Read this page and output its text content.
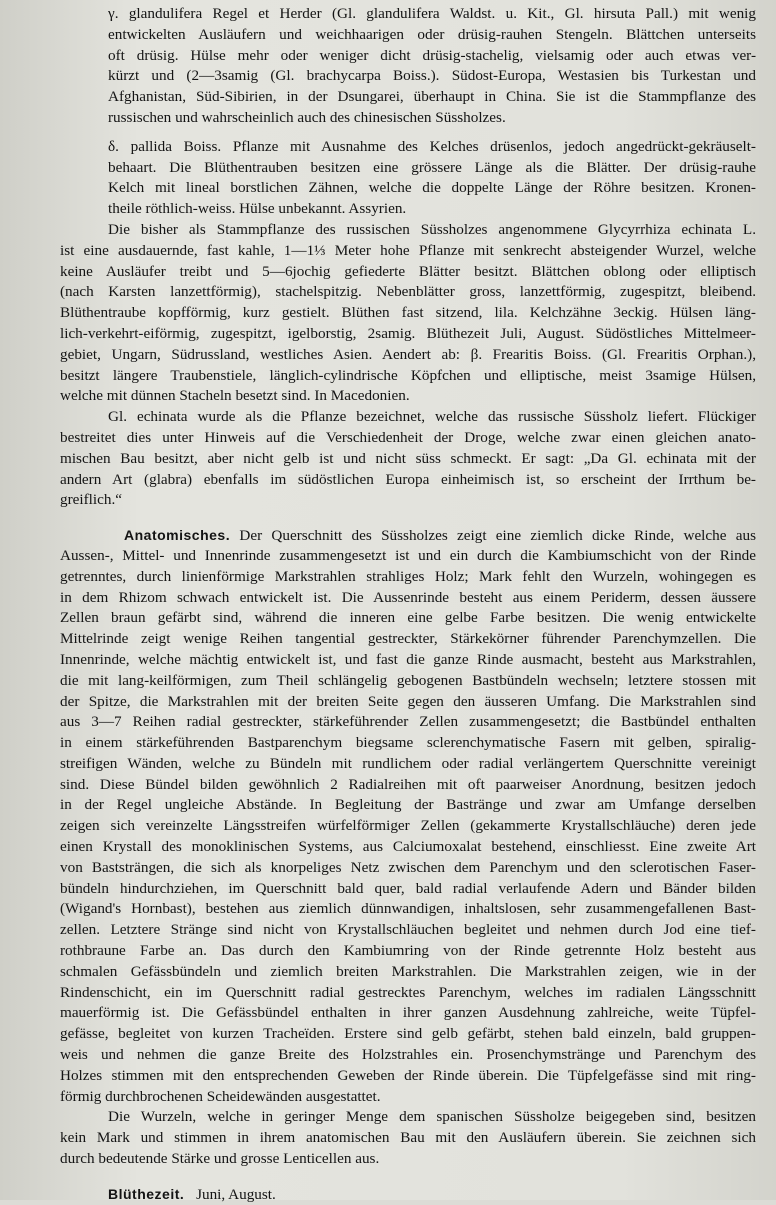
γ. glandulifera Regel et Herder (Gl. glandulifera Waldst. u. Kit., Gl. hirsuta Pall.) mit wenig
entwickelten Ausläufern und weichhaarigen oder drüsig-rauhen Stengeln. Blättchen unterseits
oft drüsig. Hülse mehr oder weniger dicht drüsig-stachelig, vielsamig oder auch etwas ver-
kürzt und (2—3samig (Gl. brachycarpa Boiss.). Südost-Europa, Westasien bis Turkestan und
Afghanistan, Süd-Sibirien, in der Dsungarei, überhaupt in China. Sie ist die Stammpflanze des
russischen und wahrscheinlich auch des chinesischen Süssholzes.
δ. pallida Boiss. Pflanze mit Ausnahme des Kelches drüsenlos, jedoch angedrückt-gekräuselt-
behaart. Die Blüthentrauben besitzen eine grössere Länge als die Blätter. Der drüsig-rauhe
Kelch mit lineal borstlichen Zähnen, welche die doppelte Länge der Röhre besitzen. Kronen-
theile röthlich-weiss. Hülse unbekannt. Assyrien.
Die bisher als Stammpflanze des russischen Süssholzes angenommene Glycyrrhiza echinata L.
ist eine ausdauernde, fast kahle, 1—1⅓ Meter hohe Pflanze mit senkrecht absteigender Wurzel, welche
keine Ausläufer treibt und 5—6jochig gefiederte Blätter besitzt. Blättchen oblong oder elliptisch
(nach Karsten lanzettförmig), stachelspitzig. Nebenblätter gross, lanzettförmig, zugespitzt, bleibend.
Blüthentraube kopfförmig, kurz gestielt. Blüthen fast sitzend, lila. Kelchzähne 3eckig. Hülsen läng-
lich-verkehrt-eiförmig, zugespitzt, igelborstig, 2samig. Blüthezeit Juli, August. Südöstliches Mittelmeer-
gebiet, Ungarn, Südrussland, westliches Asien. Aendert ab: β. Frearitis Boiss. (Gl. Frearitis Orphan.),
besitzt längere Traubenstiele, länglich-cylindrische Köpfchen und elliptische, meist 3samige Hülsen,
welche mit dünnen Stacheln besetzt sind. In Macedonien.
Gl. echinata wurde als die Pflanze bezeichnet, welche das russische Süssholz liefert. Flückiger
bestreitet dies unter Hinweis auf die Verschiedenheit der Droge, welche zwar einen gleichen anato-
mischen Bau besitzt, aber nicht gelb ist und nicht süss schmeckt. Er sagt: „Da Gl. echinata mit der
andern Art (glabra) ebenfalls im südöstlichen Europa einheimisch ist, so erscheint der Irrthum be-
greiflich.“
Anatomisches. Der Querschnitt des Süssholzes zeigt eine ziemlich dicke Rinde, welche aus
Aussen-, Mittel- und Innenrinde zusammengesetzt ist und ein durch die Kambiumschicht von der Rinde
getrenntes, durch linienförmige Markstrahlen strahliges Holz; Mark fehlt den Wurzeln, wohingegen es
in dem Rhizom schwach entwickelt ist. Die Aussenrinde besteht aus einem Periderm, dessen äussere
Zellen braun gefärbt sind, während die inneren eine gelbe Farbe besitzen. Die wenig entwickelte
Mittelrinde zeigt wenige Reihen tangential gestreckter, Stärkekörner führender Parenchymzellen. Die
Innenrinde, welche mächtig entwickelt ist, und fast die ganze Rinde ausmacht, besteht aus Markstrahlen,
die mit lang-keilförmigen, zum Theil schlängelig gebogenen Bastbündeln wechseln; letztere stossen mit
der Spitze, die Markstrahlen mit der breiten Seite gegen den äusseren Umfang. Die Markstrahlen sind
aus 3—7 Reihen radial gestreckter, stärkeführender Zellen zusammengesetzt; die Bastbündel enthalten
in einem stärkeführenden Bastparenchym biegsame sclerenchymatische Fasern mit gelben, spiralig-
streifigen Wänden, welche zu Bündeln mit rundlichem oder radial verlängertem Querschnitte vereinigt
sind. Diese Bündel bilden gewöhnlich 2 Radialreihen mit oft paarweiser Anordnung, besitzen jedoch
in der Regel ungleiche Abstände. In Begleitung der Bastränge und zwar am Umfange derselben
zeigen sich vereinzelte Längsstreifen würfelförmiger Zellen (gekammerte Krystallschläuche) deren jede
einen Krystall des monoklinischen Systems, aus Calciumoxalat bestehend, einschliesst. Eine zweite Art
von Baststrängen, die sich als knorpeliges Netz zwischen dem Parenchym und den sclerotischen Faser-
bündeln hindurchziehen, im Querschnitt bald quer, bald radial verlaufende Adern und Bänder bilden
(Wigand's Hornbast), bestehen aus ziemlich dünnwandigen, inhaltslosen, sehr zusammengefallenen Bast-
zellen. Letztere Stränge sind nicht von Krystallschläuchen begleitet und nehmen durch Jod eine tief-
rothbraune Farbe an. Das durch den Kambiumring von der Rinde getrennte Holz besteht aus
schmalen Gefässbündeln und ziemlich breiten Markstrahlen. Die Markstrahlen zeigen, wie in der
Rindenschicht, ein im Querschnitt radial gestrecktes Parenchym, welches im radialen Längsschnitt
mauerförmig ist. Die Gefässbündel enthalten in ihrer ganzen Ausdehnung zahlreiche, weite Tüpfel-
gefässe, begleitet von kurzen Tracheïden. Erstere sind gelb gefärbt, stehen bald einzeln, bald gruppen-
weis und nehmen die ganze Breite des Holzstrahles ein. Prosenchymstränge und Parenchym des
Holzes stimmen mit den entsprechenden Geweben der Rinde überein. Die Tüpfelgefässe sind mit ring-
förmig durchbrochenen Scheidewänden ausgestattet.
Die Wurzeln, welche in geringer Menge dem spanischen Süssholze beigegeben sind, besitzen
kein Mark und stimmen in ihrem anatomischen Bau mit den Ausläufern überein. Sie zeichnen sich
durch bedeutende Stärke und grosse Lenticellen aus.
Blüthezeit. Juni, August.
